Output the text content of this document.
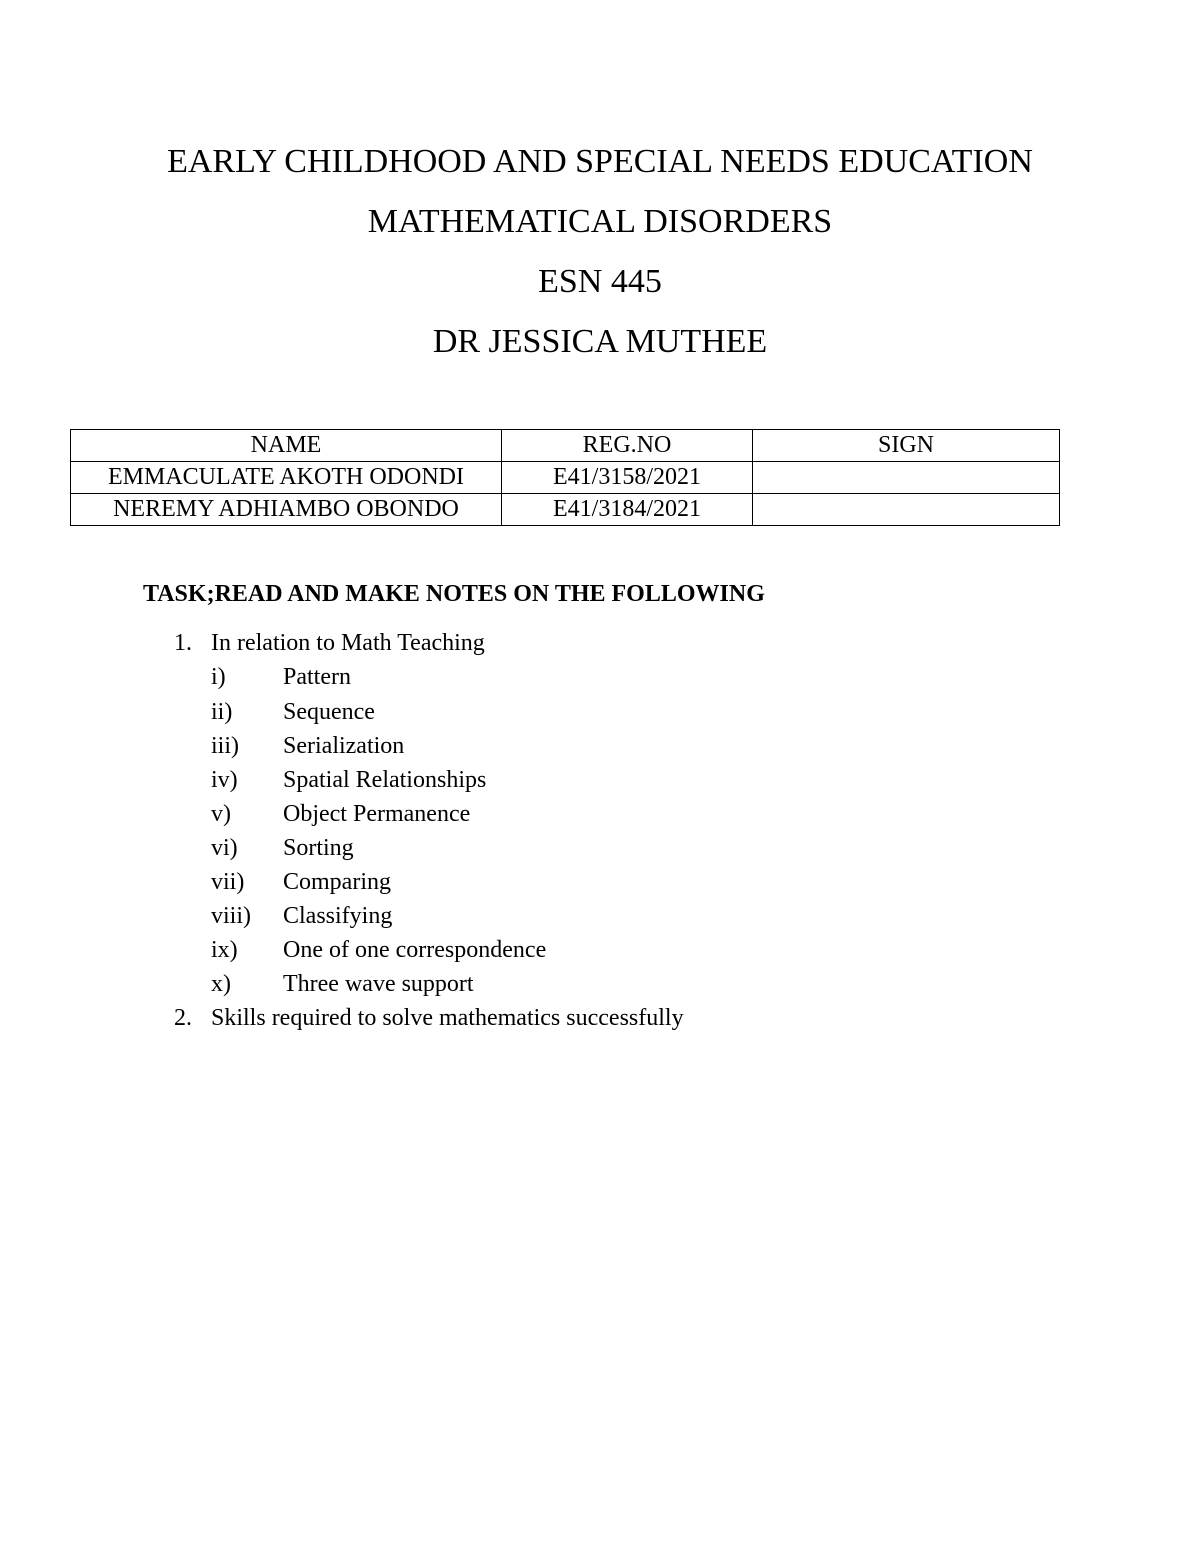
EARLY CHILDHOOD AND SPECIAL NEEDS EDUCATION
MATHEMATICAL DISORDERS
ESN 445
DR JESSICA MUTHEE
NAME	REG.NO	SIGN
EMMACULATE AKOTH ODONDI	E41/3158/2021	
NEREMY ADHIAMBO OBONDO	E41/3184/2021	
TASK;READ AND MAKE NOTES ON THE FOLLOWING
1. In relation to Math Teaching
i) Pattern
ii) Sequence
iii) Serialization
iv) Spatial Relationships
v) Object Permanence
vi) Sorting
vii) Comparing
viii) Classifying
ix) One of one correspondence
x) Three wave support
2. Skills required to solve mathematics successfully
